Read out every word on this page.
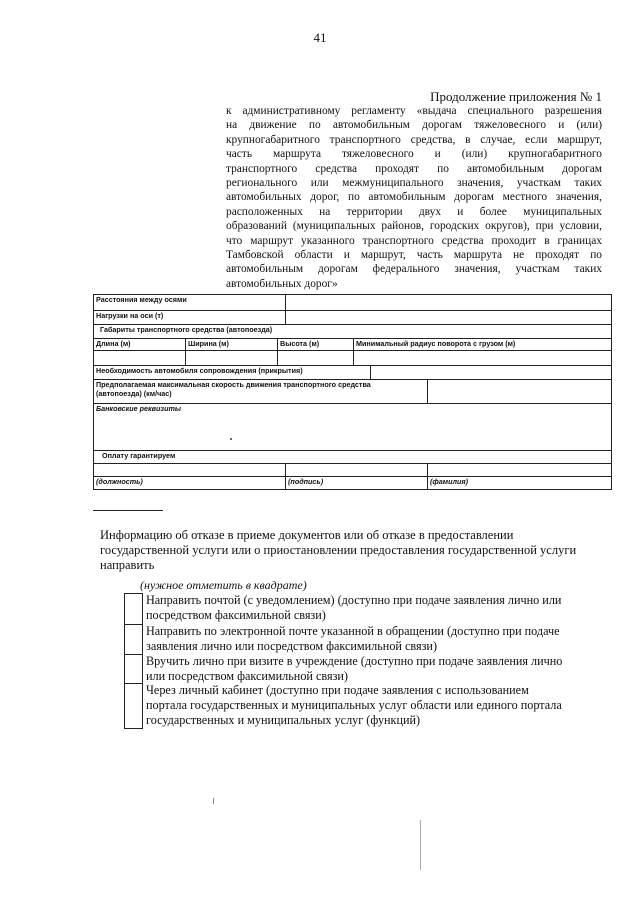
41
Продолжение приложения № 1
к административному регламенту «выдача специального разрешения
на движение по автомобильным дорогам тяжеловесного и (или)
крупногабаритного транспортного средства, в случае, если маршрут,
часть маршрута тяжеловесного и (или) крупногабаритного
транспортного средства проходят по автомобильным дорогам
регионального или межмуниципального значения, участкам таких
автомобильных дорог, по автомобильным дорогам местного значения,
расположенных на территории двух и более муниципальных
образований (муниципальных районов, городских округов), при условии,
что маршрут указанного транспортного средства проходит в границах
Тамбовской области и маршрут, часть маршрута не проходят по
автомобильным дорогам федерального значения, участкам таких
автомобильных дорог»
Расстояния между осями						
Нагрузки на оси (т)						
Габариты транспортного средства (автопоезда)						
Длина (м)	Ширина (м)	Высота (м)		Минимальный радиус поворота с грузом (м)		

Необходимость автомобиля сопровождения (прикрытия)						

Предполагаемая максимальная скорость движения транспортного средства
(автопоезда) (км/час)						

Банковские реквизиты						
Оплату гарантируем						

(должность)			(подпись)			(фамилия)
Информацию об отказе в приеме документов или об отказе в предоставлении
государственной услуги или о приостановлении предоставления государственной услуги
направить
(нужное отметить в квадрате)
Направить почтой (с уведомлением) (доступно при подаче заявления лично или
посредством факсимильной связи)
Направить по электронной почте указанной в обращении (доступно при подаче
заявления лично или посредством факсимильной связи)
Вручить лично при визите в учреждение (доступно при подаче заявления лично
или посредством факсимильной связи)
Через личный кабинет (доступно при подаче заявления с использованием
портала государственных и муниципальных услуг области или единого портала
государственных и муниципальных услуг (функций)
